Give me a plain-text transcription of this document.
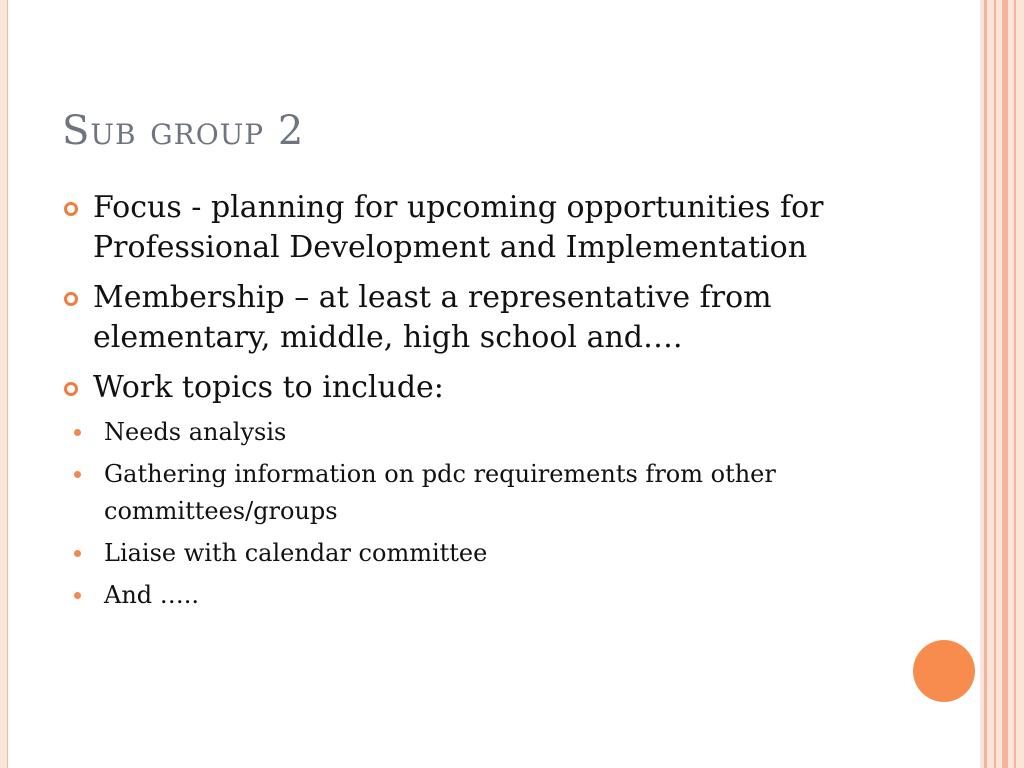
Sub group 2
Focus - planning for upcoming opportunities for Professional Development and Implementation
Membership – at least a representative from elementary, middle, high school and….
Work topics to include:
Needs analysis
Gathering information on pdc requirements from other committees/groups
Liaise with calendar committee
And …..
